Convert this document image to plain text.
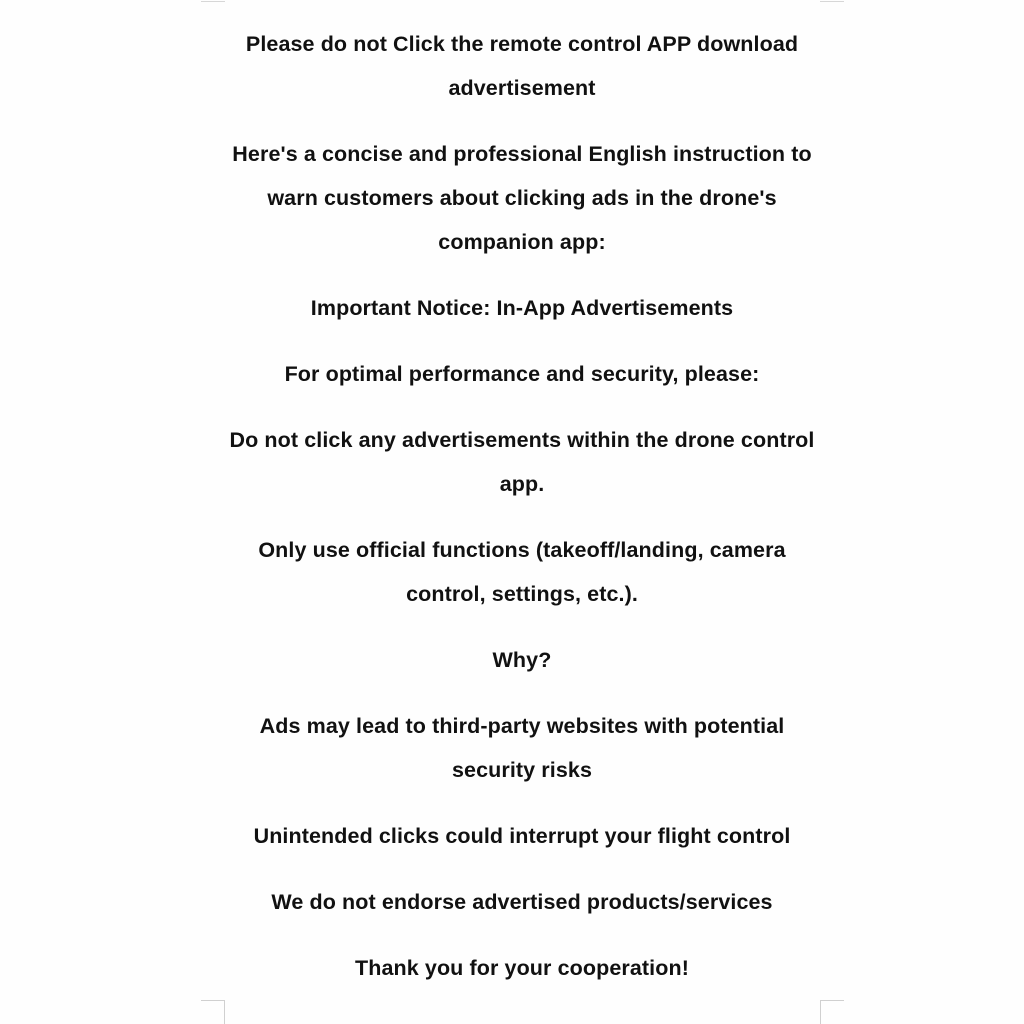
Please do not Click the remote control APP download advertisement

Here's a concise and professional English instruction to warn customers about clicking ads in the drone's companion app:

Important Notice: In-App Advertisements

For optimal performance and security, please:

Do not click any advertisements within the drone control app.

Only use official functions (takeoff/landing, camera control, settings, etc.).

Why?

Ads may lead to third-party websites with potential security risks

Unintended clicks could interrupt your flight control

We do not endorse advertised products/services

Thank you for your cooperation!
